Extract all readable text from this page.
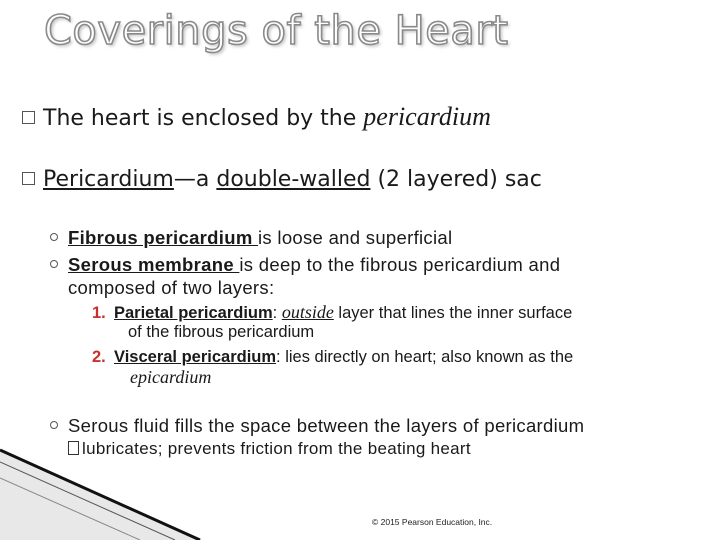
Coverings of the Heart
The heart is enclosed by the pericardium
Pericardium—a double-walled (2 layered) sac
Fibrous pericardium is loose and superficial
Serous membrane is deep to the fibrous pericardium and
composed of two layers:
1. Parietal pericardium: outside layer that lines the inner surface
of the fibrous pericardium
2. Visceral pericardium: lies directly on heart; also known as the
epicardium
Serous fluid fills the space between the layers of pericardium
lubricates; prevents friction from the beating heart
© 2015 Pearson Education, Inc.
